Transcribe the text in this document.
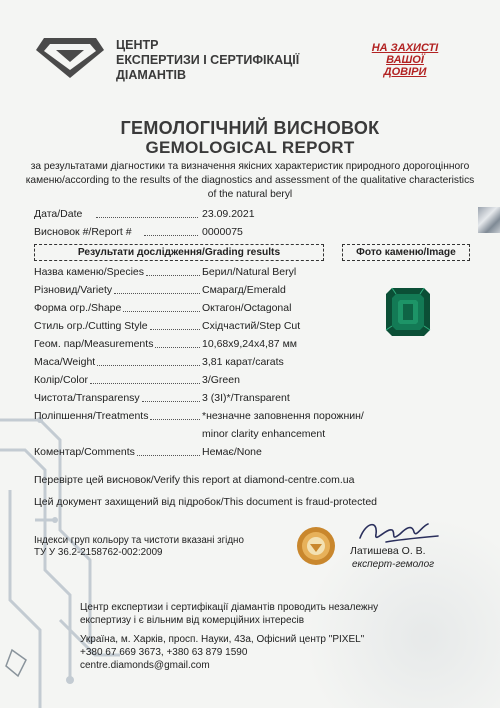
ЦЕНТР
ЕКСПЕРТИЗИ І СЕРТИФІКАЦІЇ
ДІАМАНТІВ
НА ЗАХИСТІ
ВАШОЇ
ДОВІРИ
ГЕМОЛОГІЧНИЙ ВИСНОВОК
GEMOLOGICAL REPORT
за результатами діагностики та визначення якісних характеристик природного дорогоцінного каменю/according to the results of the diagnostics and assessment of the qualitative characteristics of the natural beryl
Дата/Date	23.09.2021
Висновок #/Report #	0000075
Результати дослідження/Grading results	Фото каменю/Image
Назва каменю/Species	Берил/Natural Beryl
Різновид/Variety	Смарагд/Emerald
Форма огр./Shape	Октагон/Octagonal
Стиль огр./Cutting Style	Східчастий/Step Cut
Геом. пар/Measurements	10,68x9,24x4,87 мм
Маса/Weight	3,81 карат/carats
Колір/Color	3/Green
Чистота/Transparensy	3 (3I)*/Transparent
Поліпшення/Treatments	*незначне заповнення порожнин/
minor clarity enhancement
Коментар/Comments	Немає/None
Перевірте цей висновок/Verify this report at diamond-centre.com.ua
Цей документ захищений від підробок/This document is fraud-protected
Індекси груп кольору та чистоти вказані згідно
ТУ У 36.2-2158762-002:2009	Латишева О. В.
експерт-гемолог
Центр експертизи і сертифікації діамантів проводить незалежну
експертизу і є вільним від комерційних інтересів
Україна, м. Харків, просп. Науки, 43а, Офісний центр "PIXEL"
+380 67 669 3673, +380 63 879 1590
centre.diamonds@gmail.com
